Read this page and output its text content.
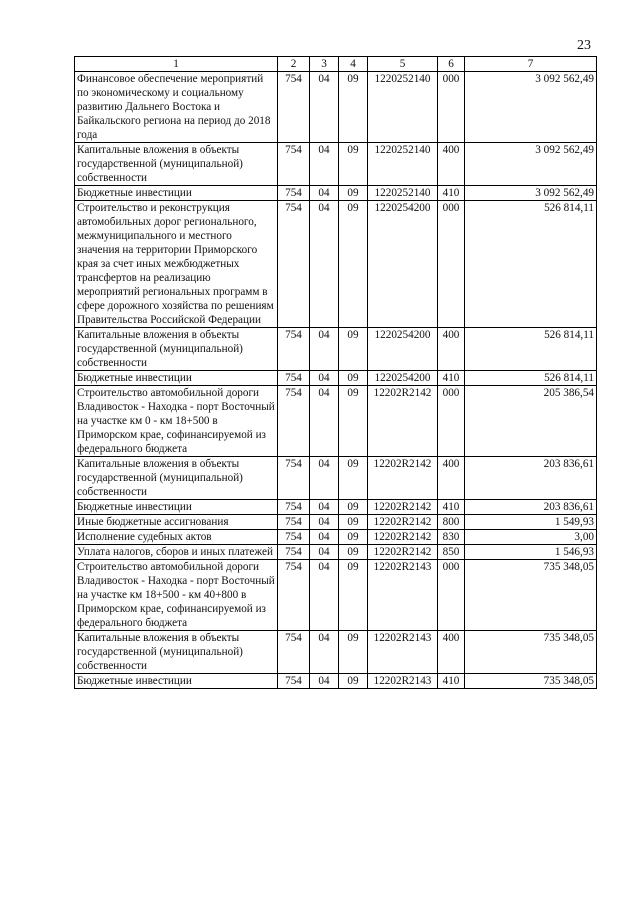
23
1	2	3	4	5	6	7
Финансовое обеспечение мероприятий по экономическому и социальному развитию Дальнего Востока и Байкальского региона на период до 2018 года	754	04	09	1220252140	000	3 092 562,49
Капитальные вложения в объекты государственной (муниципальной) собственности	754	04	09	1220252140	400	3 092 562,49
Бюджетные инвестиции	754	04	09	1220252140	410	3 092 562,49
Строительство и реконструкция автомобильных дорог регионального, межмуниципального и местного значения на территории Приморского края за счет иных межбюджетных трансфертов на реализацию мероприятий региональных программ в сфере дорожного хозяйства по решениям Правительства Российской Федерации	754	04	09	1220254200	000	526 814,11
Капитальные вложения в объекты государственной (муниципальной) собственности	754	04	09	1220254200	400	526 814,11
Бюджетные инвестиции	754	04	09	1220254200	410	526 814,11
Строительство автомобильной дороги Владивосток - Находка - порт Восточный на участке км 0 - км 18+500 в Приморском крае, софинансируемой из федерального бюджета	754	04	09	12202R2142	000	205 386,54
Капитальные вложения в объекты государственной (муниципальной) собственности	754	04	09	12202R2142	400	203 836,61
Бюджетные инвестиции	754	04	09	12202R2142	410	203 836,61
Иные бюджетные ассигнования	754	04	09	12202R2142	800	1 549,93
Исполнение судебных актов	754	04	09	12202R2142	830	3,00
Уплата налогов, сборов и иных платежей	754	04	09	12202R2142	850	1 546,93
Строительство автомобильной дороги Владивосток - Находка - порт Восточный на участке км 18+500 - км 40+800 в Приморском крае, софинансируемой из федерального бюджета	754	04	09	12202R2143	000	735 348,05
Капитальные вложения в объекты государственной (муниципальной) собственности	754	04	09	12202R2143	400	735 348,05
Бюджетные инвестиции	754	04	09	12202R2143	410	735 348,05
